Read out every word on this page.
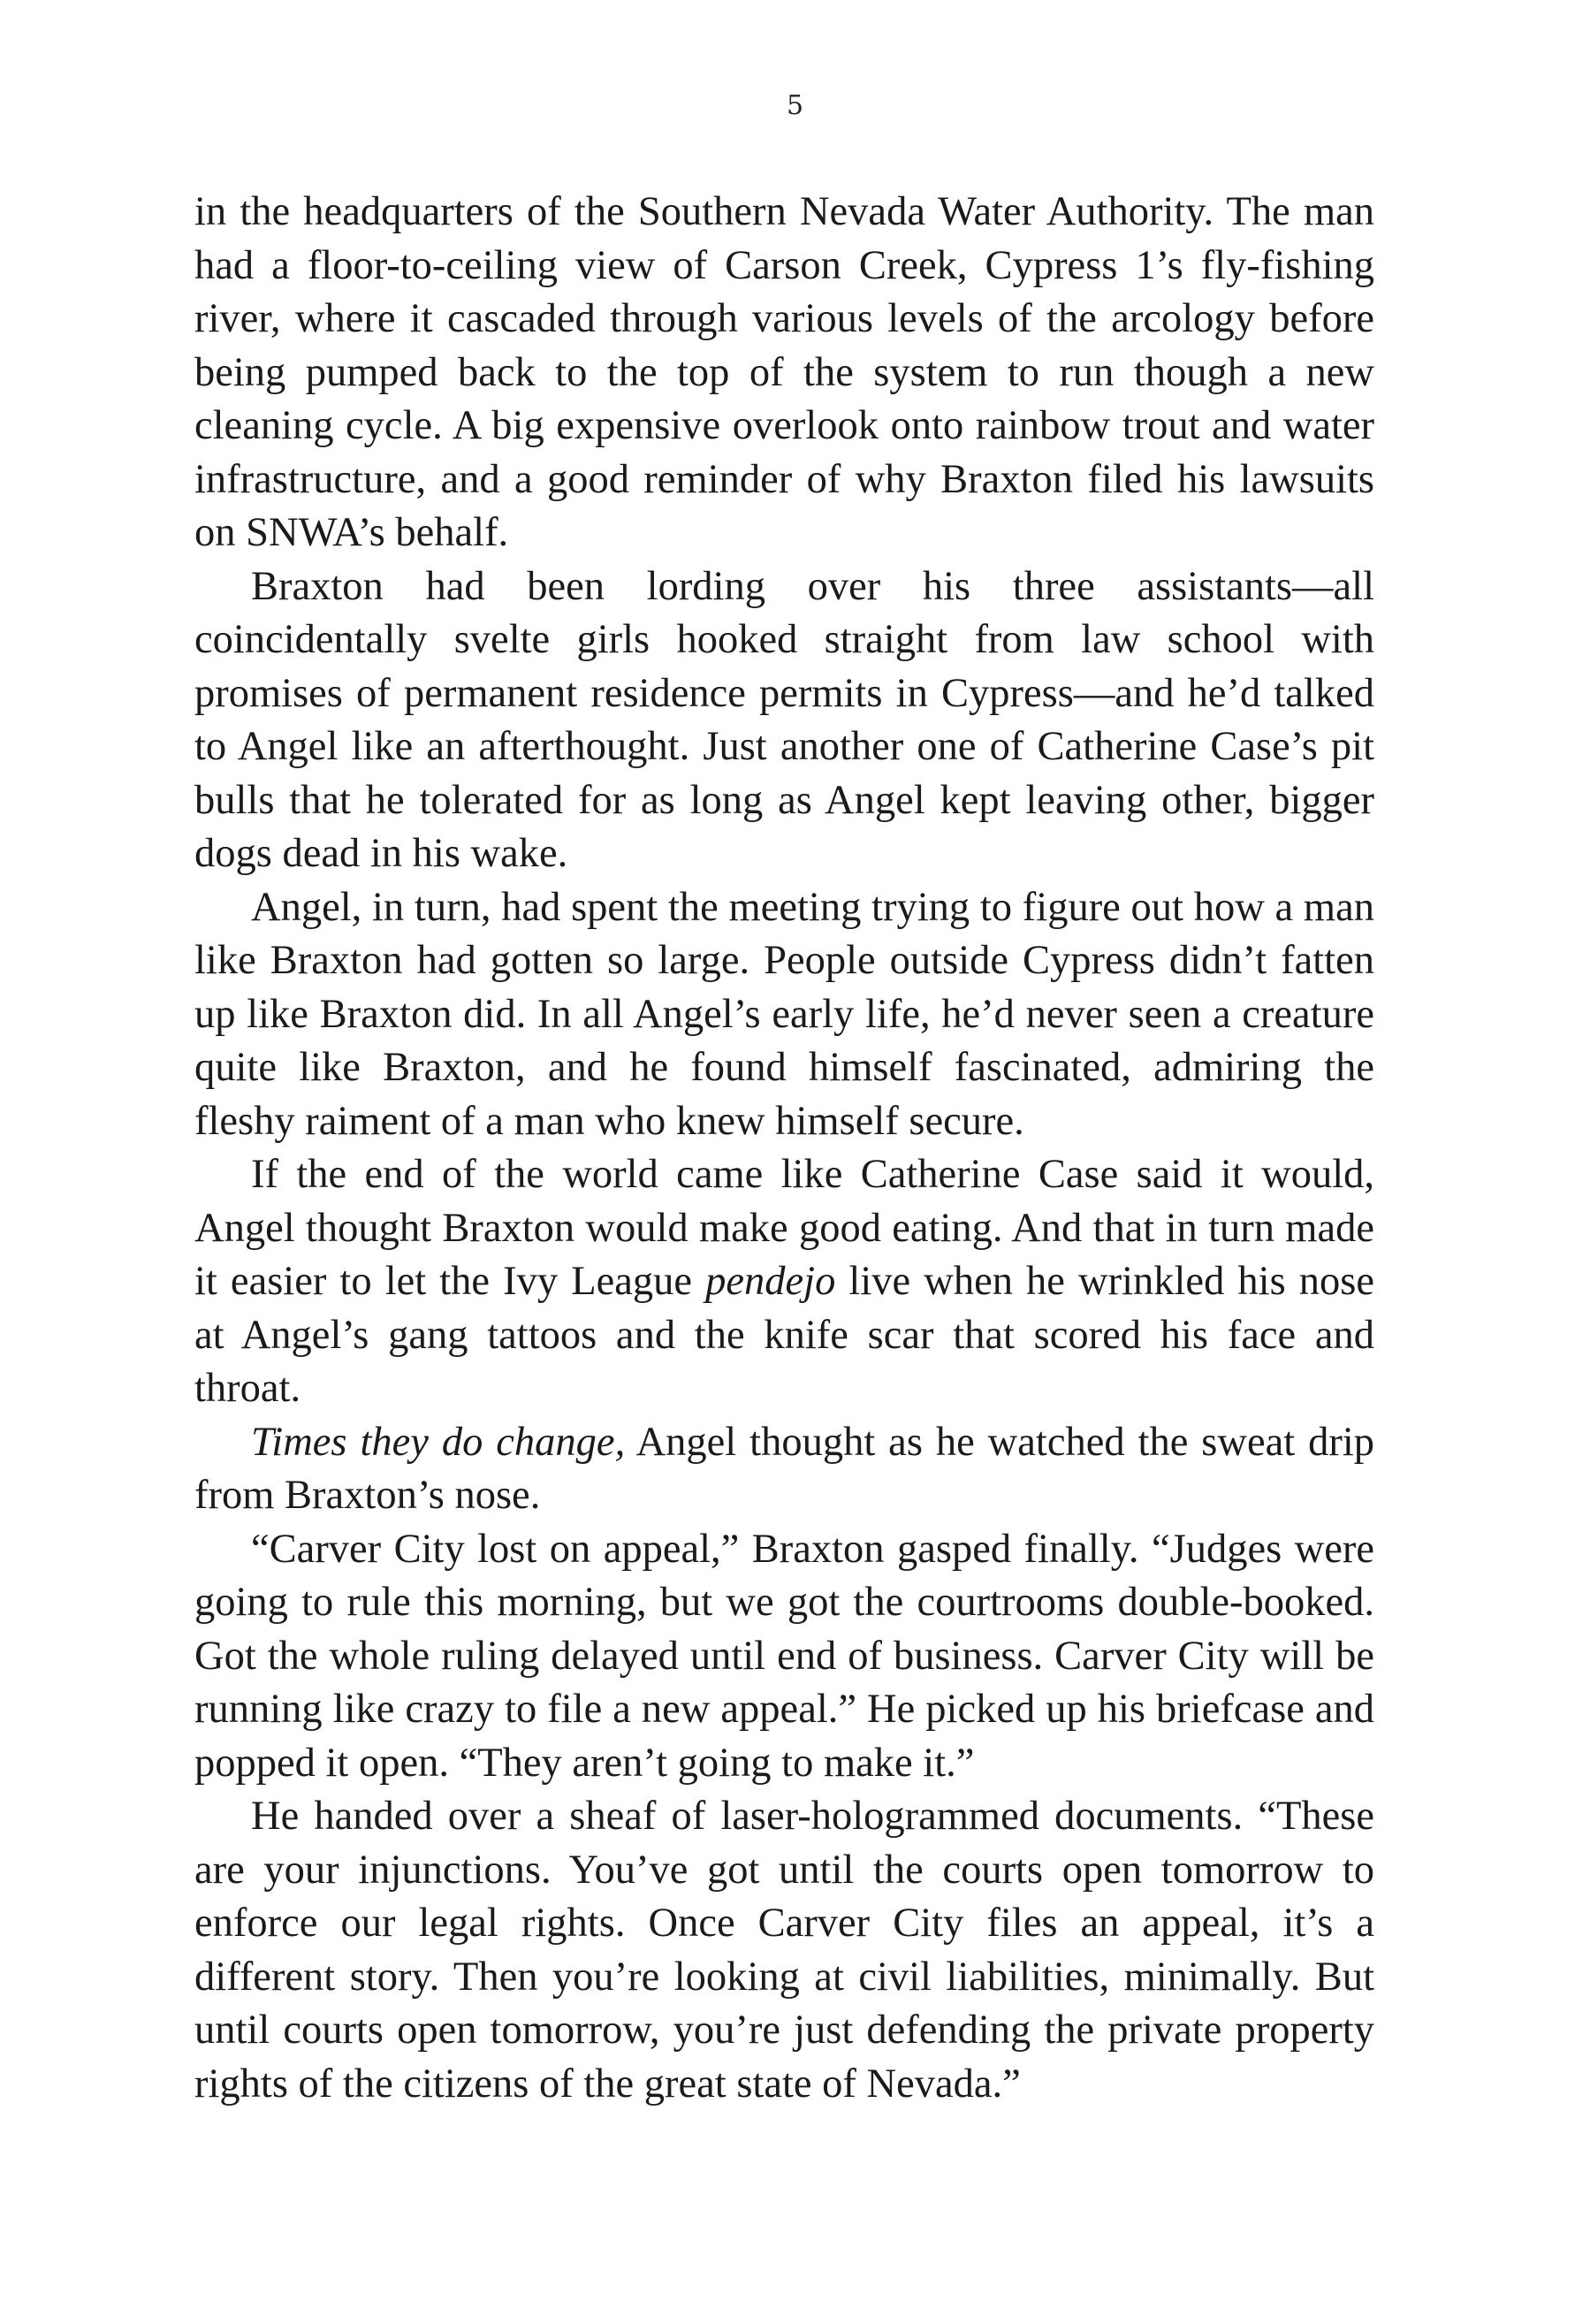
5

in the headquarters of the Southern Nevada Water Authority. The man had a floor-to-ceiling view of Carson Creek, Cypress 1’s fly-fishing river, where it cascaded through various levels of the arcology before being pumped back to the top of the system to run though a new cleaning cycle. A big expensive overlook onto rainbow trout and water infrastructure, and a good reminder of why Braxton filed his lawsuits on SNWA’s behalf.

Braxton had been lording over his three assistants—all coincidentally svelte girls hooked straight from law school with promises of permanent residence permits in Cypress—and he’d talked to Angel like an afterthought. Just another one of Catherine Case’s pit bulls that he tolerated for as long as Angel kept leaving other, bigger dogs dead in his wake.

Angel, in turn, had spent the meeting trying to figure out how a man like Braxton had gotten so large. People outside Cypress didn’t fatten up like Braxton did. In all Angel’s early life, he’d never seen a creature quite like Braxton, and he found himself fascinated, admiring the fleshy raiment of a man who knew himself secure.

If the end of the world came like Catherine Case said it would, Angel thought Braxton would make good eating. And that in turn made it easier to let the Ivy League pendejo live when he wrinkled his nose at Angel’s gang tattoos and the knife scar that scored his face and throat.

Times they do change, Angel thought as he watched the sweat drip from Braxton’s nose.

“Carver City lost on appeal,” Braxton gasped finally. “Judges were going to rule this morning, but we got the courtrooms double-booked. Got the whole ruling delayed until end of business. Carver City will be running like crazy to file a new appeal.” He picked up his briefcase and popped it open. “They aren’t going to make it.”

He handed over a sheaf of laser-hologrammed documents. “These are your injunctions. You’ve got until the courts open tomorrow to enforce our legal rights. Once Carver City files an appeal, it’s a different story. Then you’re looking at civil liabilities, minimally. But until courts open tomorrow, you’re just defending the private property rights of the citizens of the great state of Nevada.”
